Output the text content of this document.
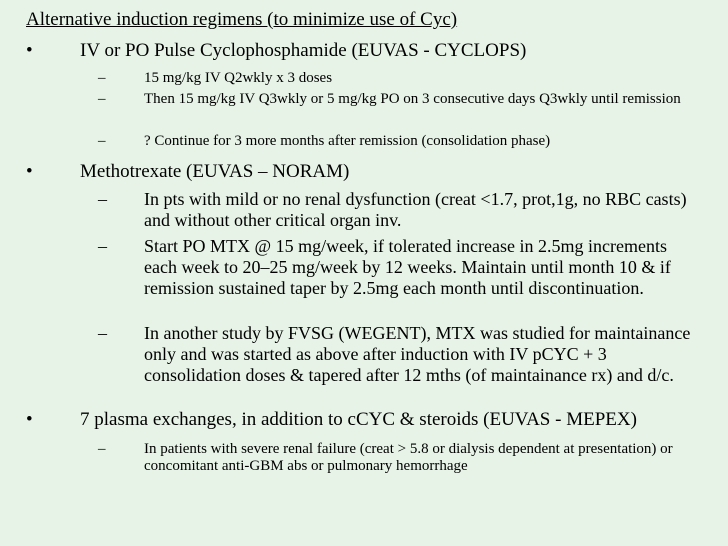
Alternative induction regimens (to minimize use of Cyc)
• IV or PO Pulse Cyclophosphamide (EUVAS - CYCLOPS)
–	15 mg/kg IV Q2wkly x 3 doses
–	Then 15 mg/kg IV Q3wkly or 5 mg/kg PO on 3 consecutive days Q3wkly until remission
–	? Continue for 3 more months after remission (consolidation phase)
• Methotrexate (EUVAS – NORAM)
– In pts with mild or no renal dysfunction (creat <1.7, prot,1g, no RBC casts) and without other critical organ inv.
– Start PO MTX @ 15 mg/week, if tolerated increase in 2.5mg increments each week to 20–25 mg/week by 12 weeks. Maintain until month 10 & if remission sustained taper by 2.5mg each month until discontinuation.
– In another study by FVSG (WEGENT), MTX was studied for maintainance only and was started as above after induction with IV pCYC + 3 consolidation doses & tapered after 12 mths (of maintainance rx) and d/c.
• 7 plasma exchanges, in addition to cCYC & steroids (EUVAS - MEPEX)
–	In patients with severe renal failure (creat > 5.8 or dialysis dependent at presentation) or concomitant anti-GBM abs or pulmonary hemorrhage
